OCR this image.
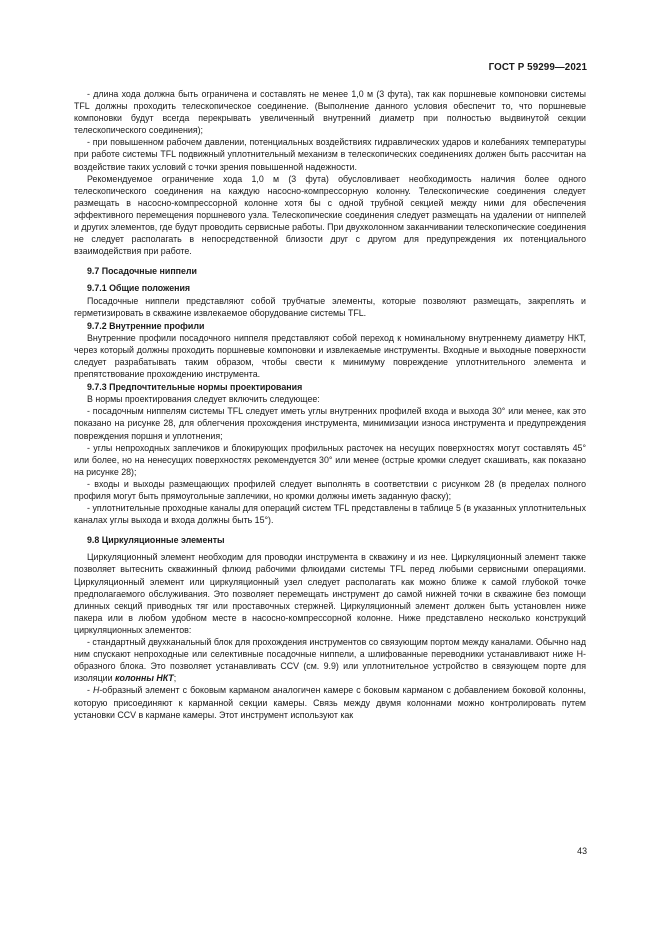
ГОСТ Р 59299—2021

- длина хода должна быть ограничена и составлять не менее 1,0 м (3 фута), так как поршневые компоновки системы TFL должны проходить телескопическое соединение. (Выполнение данного условия обеспечит то, что поршневые компоновки будут всегда перекрывать увеличенный внутренний диаметр при полностью выдвинутой секции телескопического соединения);

- при повышенном рабочем давлении, потенциальных воздействиях гидравлических ударов и колебаниях температуры при работе системы TFL подвижный уплотнительный механизм в телескопических соединениях должен быть рассчитан на воздействие таких условий с точки зрения повышенной надежности.

Рекомендуемое ограничение хода 1,0 м (3 фута) обусловливает необходимость наличия более одного телескопического соединения на каждую насосно-компрессорную колонну. Телескопические соединения следует размещать в насосно-компрессорной колонне хотя бы с одной трубной секцией между ними для обеспечения эффективного перемещения поршневого узла. Телескопические соединения следует размещать на удалении от ниппелей и других элементов, где будут проводить сервисные работы. При двухколонном заканчивании телескопические соединения не следует располагать в непосредственной близости друг с другом для предупреждения их потенциального взаимодействия при работе.

9.7 Посадочные ниппели
9.7.1 Общие положения

Посадочные ниппели представляют собой трубчатые элементы, которые позволяют размещать, закреплять и герметизировать в скважине извлекаемое оборудование системы TFL.

9.7.2 Внутренние профили

Внутренние профили посадочного ниппеля представляют собой переход к номинальному внутреннему диаметру НКТ, через который должны проходить поршневые компоновки и извлекаемые инструменты. Входные и выходные поверхности следует разрабатывать таким образом, чтобы свести к минимуму повреждение уплотнительного элемента и препятствование прохождению инструмента.

9.7.3 Предпочтительные нормы проектирования

В нормы проектирования следует включить следующее:

- посадочным ниппелям системы TFL следует иметь углы внутренних профилей входа и выхода 30° или менее, как это показано на рисунке 28, для облегчения прохождения инструмента, минимизации износа инструмента и предупреждения повреждения поршня и уплотнения;

- углы непроходных заплечиков и блокирующих профильных расточек на несущих поверхностях могут составлять 45° или более, но на ненесущих поверхностях рекомендуется 30° или менее (острые кромки следует скашивать, как показано на рисунке 28);

- входы и выходы размещающих профилей следует выполнять в соответствии с рисунком 28 (в пределах полного профиля могут быть прямоугольные заплечики, но кромки должны иметь заданную фаску);

- уплотнительные проходные каналы для операций систем TFL представлены в таблице 5 (в указанных уплотнительных каналах углы выхода и входа должны быть 15°).

9.8 Циркуляционные элементы

Циркуляционный элемент необходим для проводки инструмента в скважину и из нее. Циркуляционный элемент также позволяет вытеснить скважинный флюид рабочими флюидами системы TFL перед любыми сервисными операциями. Циркуляционный элемент или циркуляционный узел следует располагать как можно ближе к самой глубокой точке предполагаемого обслуживания. Это позволяет перемещать инструмент до самой нижней точки в скважине без помощи длинных секций приводных тяг или проставочных стержней. Циркуляционный элемент должен быть установлен ниже пакера или в любом удобном месте в насосно-компрессорной колонне. Ниже представлено несколько конструкций циркуляционных элементов:

- стандартный двухканальный блок для прохождения инструментов со связующим портом между каналами. Обычно над ним спускают непроходные или селективные посадочные ниппели, а шлифованные переводники устанавливают ниже Н-образного блока. Это позволяет устанавливать CCV (см. 9.9) или уплотнительное устройство в связующем порте для изоляции колонны НКТ;

- Н-образный элемент с боковым карманом аналогичен камере с боковым карманом с добавлением боковой колонны, которую присоединяют к карманной секции камеры. Связь между двумя колоннами можно контролировать путем установки CCV в кармане камеры. Этот инструмент используют как

43
